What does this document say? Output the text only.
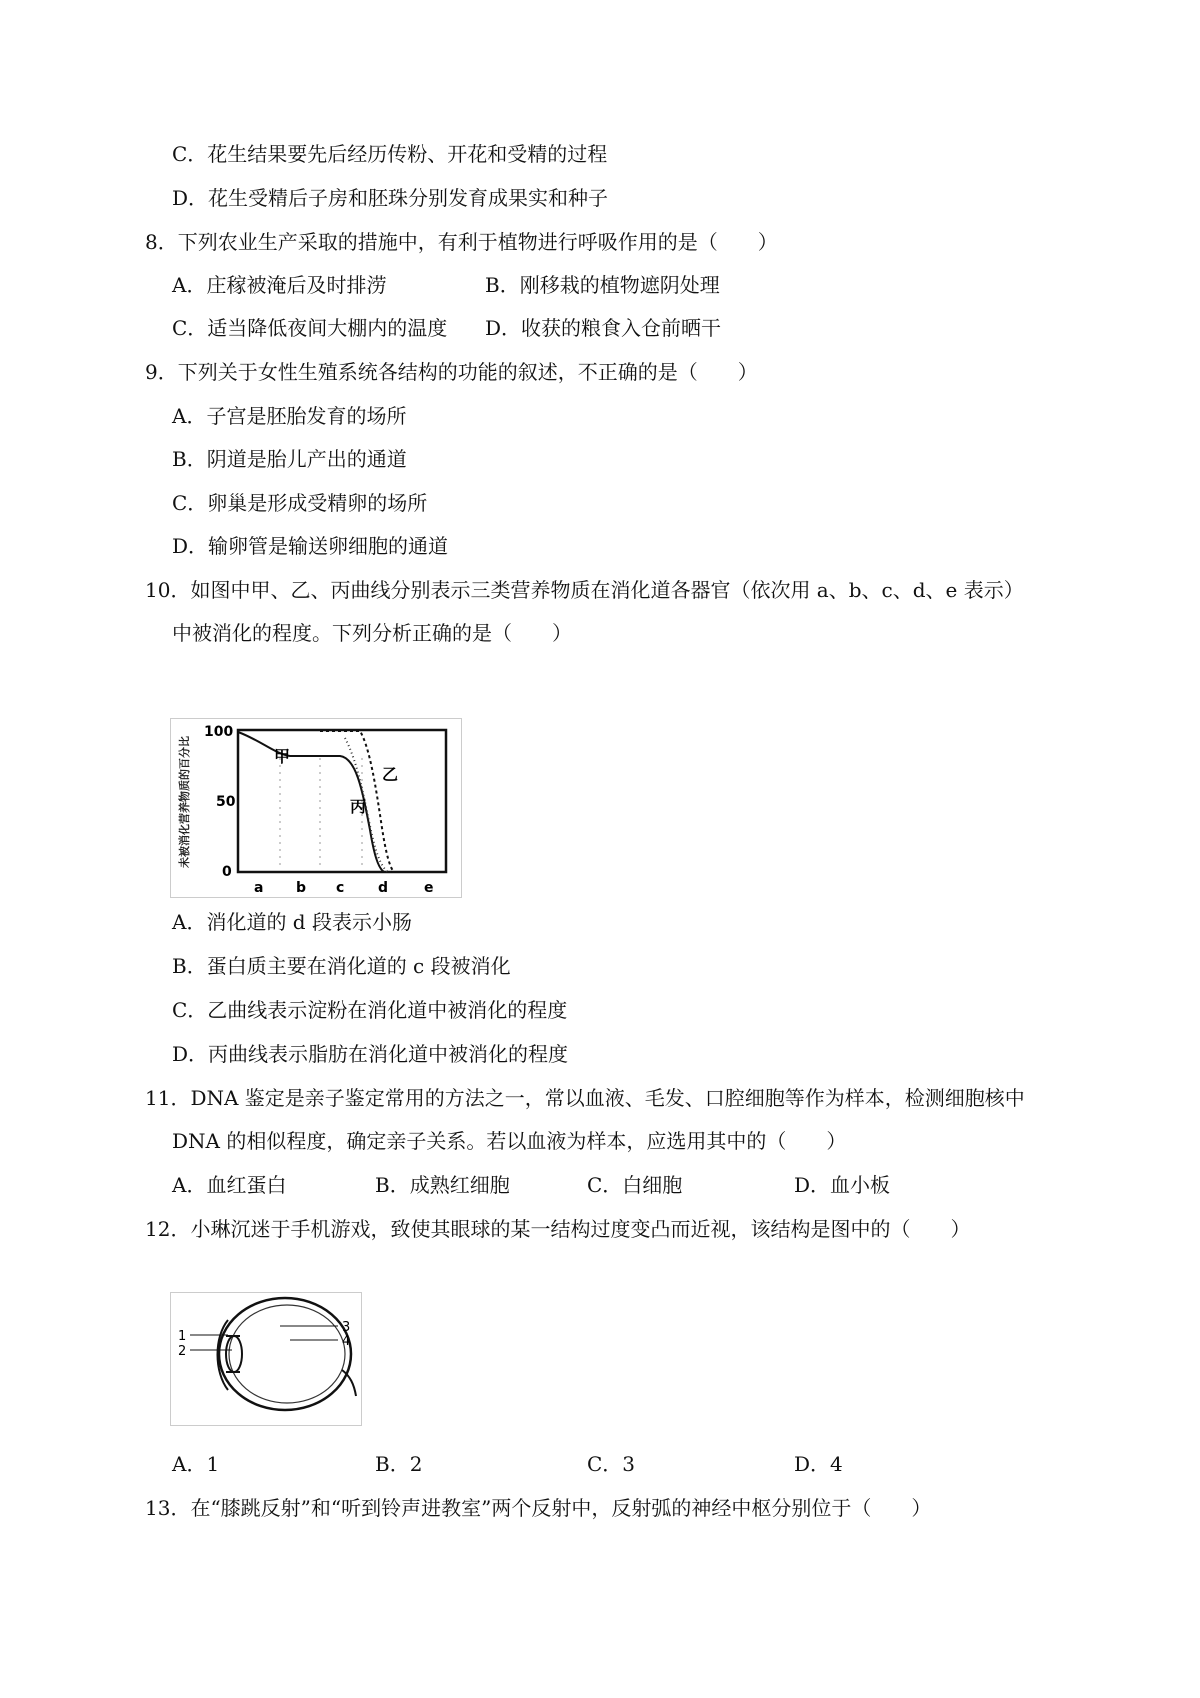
C．花生结果要先后经历传粉、开花和受精的过程
D．花生受精后子房和胚珠分别发育成果实和种子
8．下列农业生产采取的措施中，有利于植物进行呼吸作用的是（　　）
A．庄稼被淹后及时排涝	B．刚移栽的植物遮阴处理
C．适当降低夜间大棚内的温度 D．收获的粮食入仓前晒干
9．下列关于女性生殖系统各结构的功能的叙述，不正确的是（　　）
A．子宫是胚胎发育的场所
B．阴道是胎儿产出的通道
C．卵巢是形成受精卵的场所
D．输卵管是输送卵细胞的通道
10．如图中甲、乙、丙曲线分别表示三类营养物质在消化道各器官（依次用 a、b、c、d、e 表示）
中被消化的程度。下列分析正确的是（　　）
未被消化营养物质的百分比
100
50
0
a b c d	e
甲
乙
丙
A．消化道的 d 段表示小肠
B．蛋白质主要在消化道的 c 段被消化
C．乙曲线表示淀粉在消化道中被消化的程度
D．丙曲线表示脂肪在消化道中被消化的程度
11．DNA 鉴定是亲子鉴定常用的方法之一，常以血液、毛发、口腔细胞等作为样本，检测细胞核中
DNA 的相似程度，确定亲子关系。若以血液为样本，应选用其中的（　　）
A．血红蛋白	B．成熟红细胞	C．白细胞	D．血小板
12．小琳沉迷于手机游戏，致使其眼球的某一结构过度变凸而近视，该结构是图中的（　　）
1
2
3
4
A．1	B．2	C．3	D．4
13．在“膝跳反射”和“听到铃声进教室”两个反射中，反射弧的神经中枢分别位于（　　）
